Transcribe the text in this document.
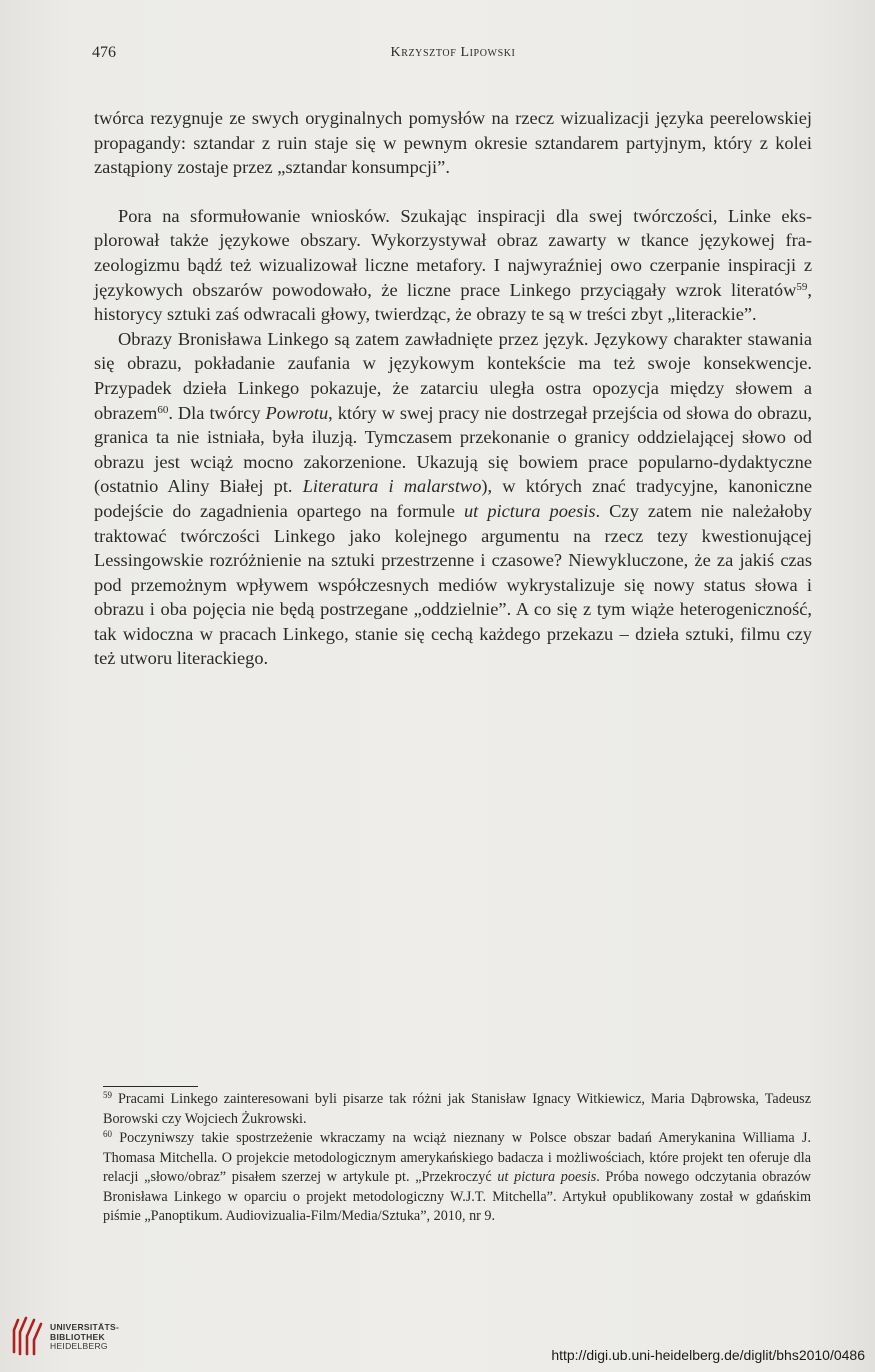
476	Krzysztof Lipowski

twórca rezygnuje ze swych oryginalnych pomysłów na rzecz wizualizacji języka peerelowskiej propagandy: sztandar z ruin staje się w pewnym okresie sztandarem partyjnym, który z kolei zastąpiony zostaje przez „sztandar konsumpcji”.

Pora na sformułowanie wniosków. Szukając inspiracji dla swej twórczości, Linke eksplorował także językowe obszary. Wykorzystywał obraz zawarty w tkance językowej frazeologizmu bądź też wizualizował liczne metafory. I najwyraźniej owo czerpanie inspiracji z językowych obszarów powodowało, że liczne prace Linkego przyciągały wzrok literatów$^{59}$, historycy sztuki zaś odwracali głowy, twierdząc, że obrazy te są w treści zbyt „literackie”.

Obrazy Bronisława Linkego są zatem zawładnięte przez język. Językowy charakter stawania się obrazu, pokładanie zaufania w językowym kontekście ma też swoje konsekwencje. Przypadek dzieła Linkego pokazuje, że zatarciu uległa ostra opozycja między słowem a obrazem$^{60}$. Dla twórcy Powrotu, który w swej pracy nie dostrzegał przejścia od słowa do obrazu, granica ta nie istniała, była iluzją. Tymczasem przekonanie o granicy oddzielającej słowo od obrazu jest wciąż mocno zakorzenione. Ukazują się bowiem prace popularno-dydaktyczne (ostatnio Aliny Białej pt. Literatura i malarstwo), w których znać tradycyjne, kanoniczne podejście do zagadnienia opartego na formule ut pictura poesis. Czy zatem nie należałoby traktować twórczości Linkego jako kolejnego argumentu na rzecz tezy kwestionującej Lessingowskie rozróżnienie na sztuki przestrzenne i czasowe? Niewykluczone, że za jakiś czas pod przemożnym wpływem współczesnych mediów wykrystalizuje się nowy status słowa i obrazu i oba pojęcia nie będą postrzegane „oddzielnie”. A co się z tym wiąże heterogeniczność, tak widoczna w pracach Linkego, stanie się cechą każdego przekazu – dzieła sztuki, filmu czy też utworu literackiego.

$^{59}$ Pracami Linkego zainteresowani byli pisarze tak różni jak Stanisław Ignacy Witkiewicz, Maria Dąbrowska, Tadeusz Borowski czy Wojciech Żukrowski.

$^{60}$ Poczyniwszy takie spostrzeżenie wkraczamy na wciąż nieznany w Polsce obszar badań Amerykanina Williama J. Thomasa Mitchella. O projekcie metodologicznym amerykańskiego badacza i możliwościach, które projekt ten oferuje dla relacji „słowo/obraz” pisałem szerzej w artykule pt. „Przekroczyć ut pictura poesis. Próba nowego odczytania obrazów Bronisława Linkego w oparciu o projekt metodologiczny W.J.T. Mitchella”. Artykuł opublikowany został w gdańskim piśmie „Panoptikum. Audiovizualia-Film/Media/Sztuka”, 2010, nr 9.

UNIVERSITÄTS-
BIBLIOTHEK
HEIDELBERG
http://digi.ub.uni-heidelberg.de/diglit/bhs2010/0486
